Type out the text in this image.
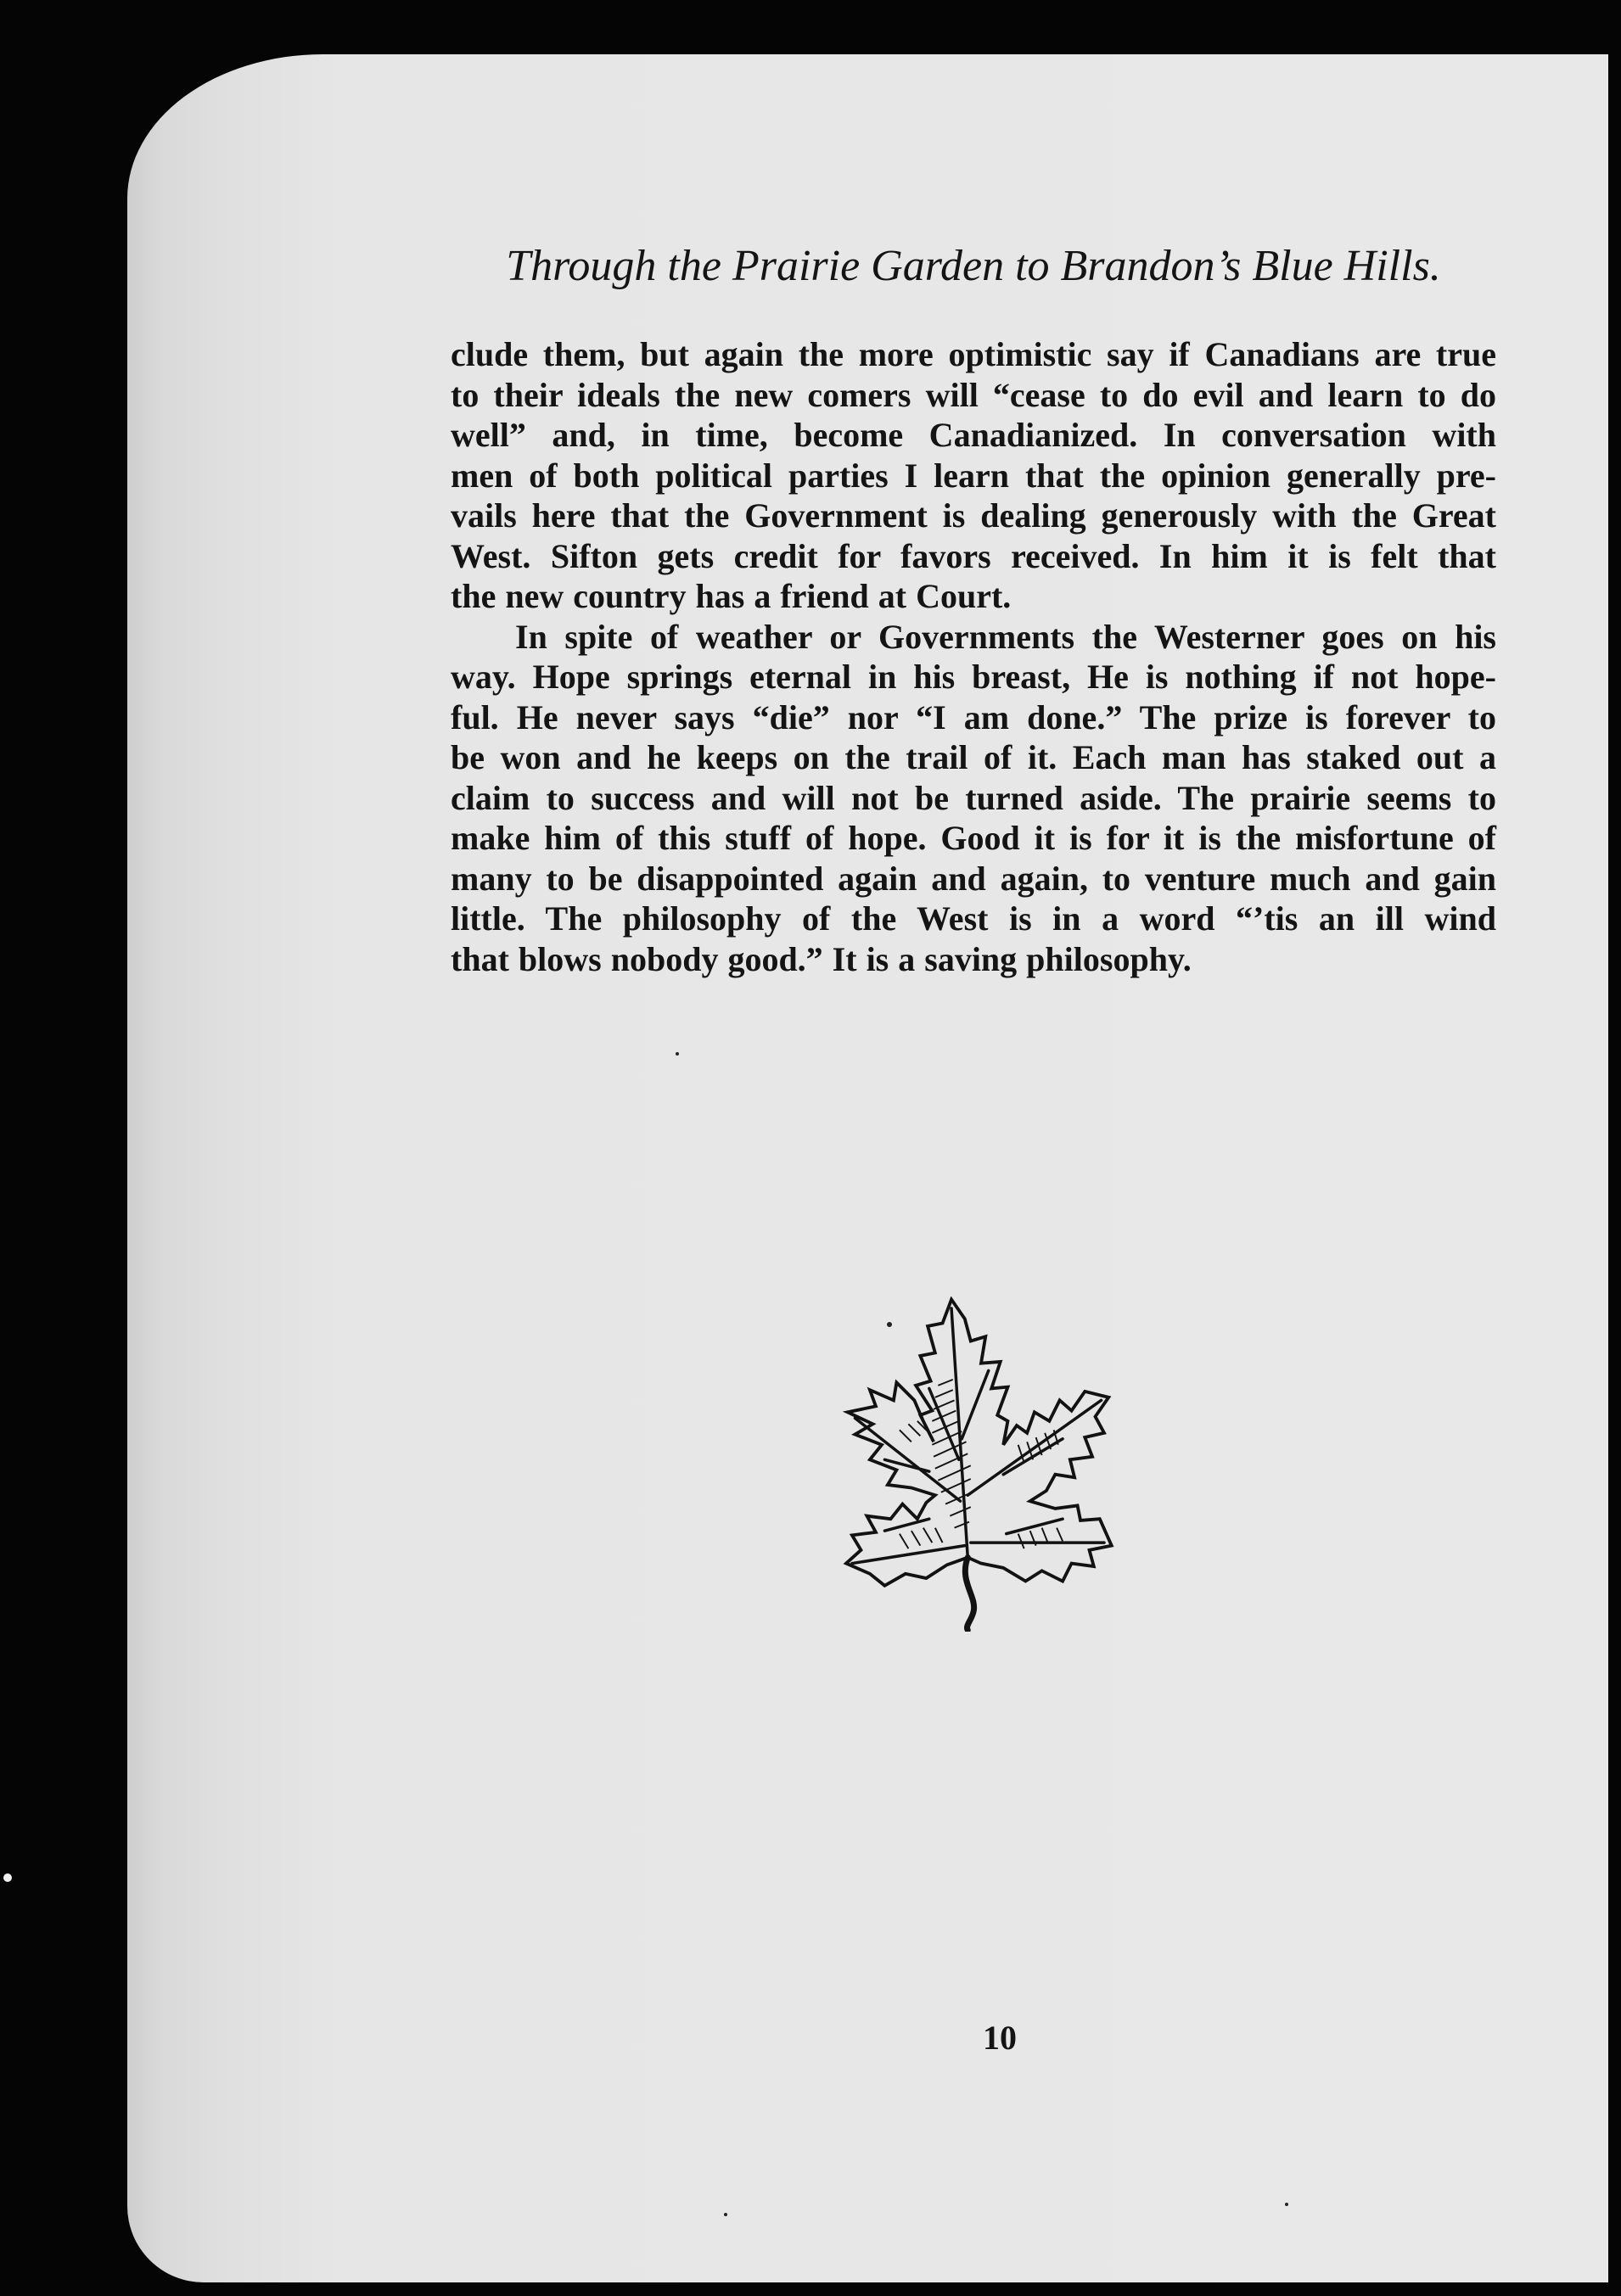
Through the Prairie Garden to Brandon’s Blue Hills.
clude them, but again the more optimistic say if Canadians are true
to their ideals the new comers will “cease to do evil and learn to do
well” and, in time, become Canadianized. In conversation with
men of both political parties I learn that the opinion generally pre-
vails here that the Government is dealing generously with the Great
West. Sifton gets credit for favors received. In him it is felt that
the new country has a friend at Court.
In spite of weather or Governments the Westerner goes on his
way. Hope springs eternal in his breast, He is nothing if not hope-
ful. He never says “die” nor “I am done.” The prize is forever to
be won and he keeps on the trail of it. Each man has staked out a
claim to success and will not be turned aside. The prairie seems to
make him of this stuff of hope. Good it is for it is the misfortune of
many to be disappointed again and again, to venture much and gain
little. The philosophy of the West is in a word “’tis an ill wind
that blows nobody good.” It is a saving philosophy.
10
